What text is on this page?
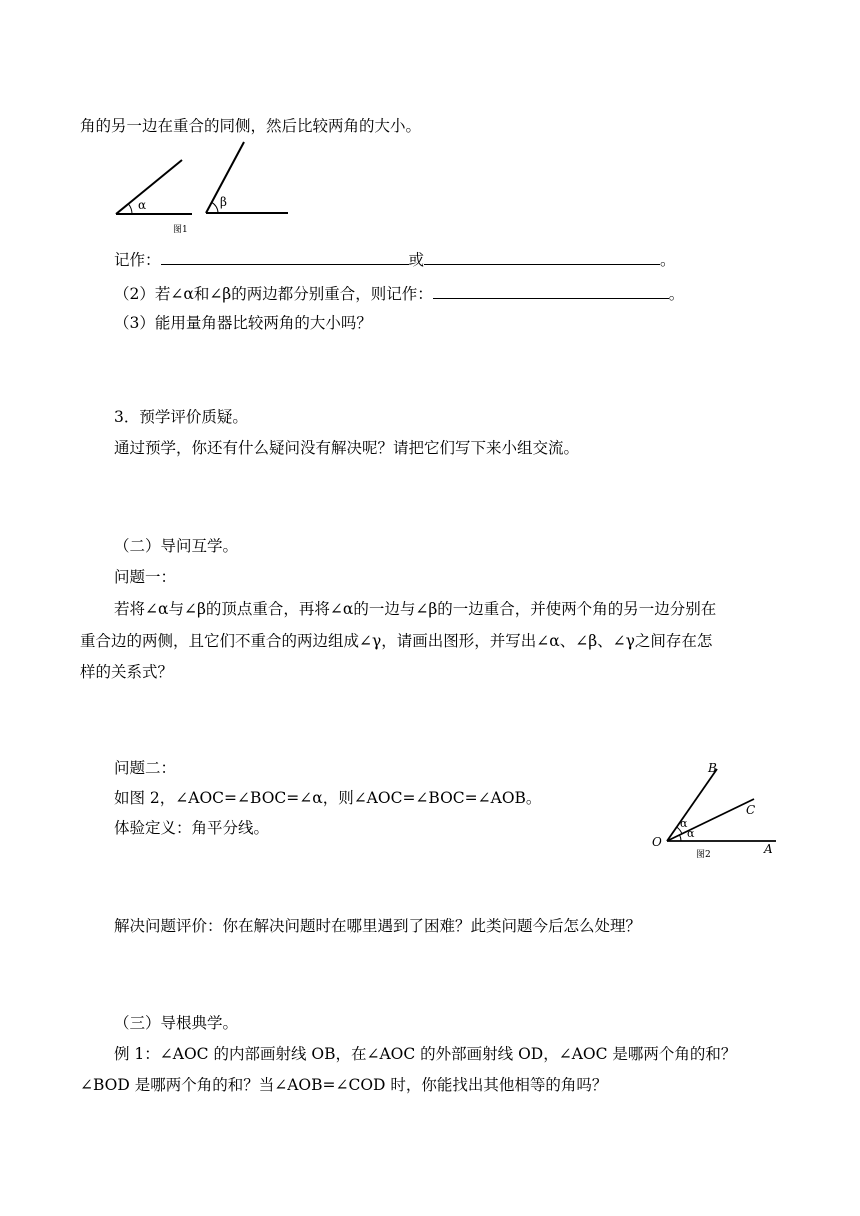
角的另一边在重合的同侧，然后比较两角的大小。
α	β
图1
记作：	或	。
（2）若∠α和∠β的两边都分别重合，则记作：	。
（3）能用量角器比较两角的大小吗？
3．预学评价质疑。
通过预学，你还有什么疑问没有解决呢？请把它们写下来小组交流。
（二）导问互学。
问题一：
若将∠α与∠β的顶点重合，再将∠α的一边与∠β的一边重合，并使两个角的另一边分别在
重合边的两侧，且它们不重合的两边组成∠γ，请画出图形，并写出∠α、∠β、∠γ之间存在怎
样的关系式？
问题二：
如图 2，∠AOC=∠BOC=∠α，则∠AOC=∠BOC=∠AOB。
体验定义：角平分线。
B
C
O	A
α
α
图2
解决问题评价：你在解决问题时在哪里遇到了困难？此类问题今后怎么处理？
（三）导根典学。
例 1：∠AOC 的内部画射线 OB，在∠AOC 的外部画射线 OD，∠AOC 是哪两个角的和？
∠BOD 是哪两个角的和？当∠AOB=∠COD 时，你能找出其他相等的角吗？
